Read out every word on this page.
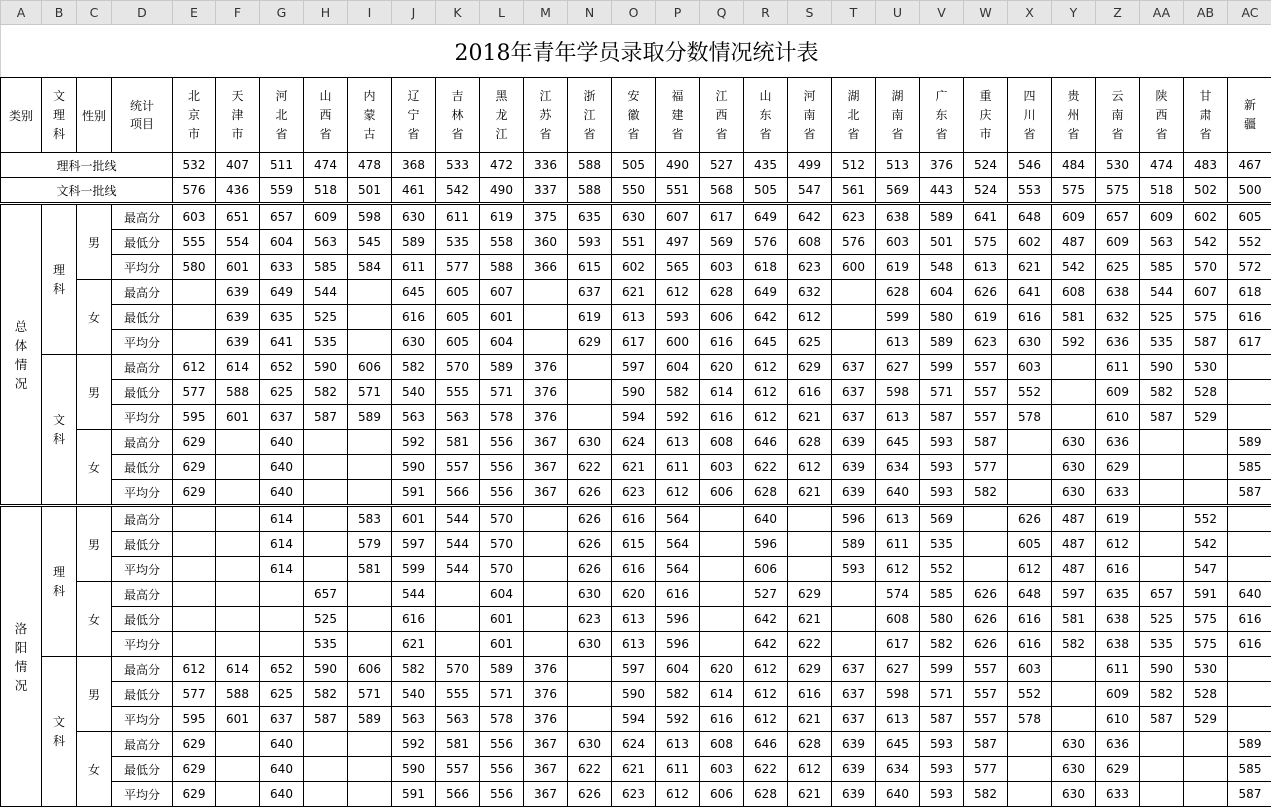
A	B	C	D	E	F	G	H	I	J	K	L	M	N	O	P	Q	R	S	T	U	V	W	X	Y	Z	AA	AB	AC
2018年青年学员录取分数情况统计表																												
类别	文理科	性别	统计项目	北京市	天津市	河北省	山西省	内蒙古	辽宁省	吉林省	黑龙江	江苏省	浙江省	安徽省	福建省	江西省	山东省	河南省	湖北省	湖南省	广东省	重庆市	四川省	贵州省	云南省	陕西省	甘肃省	新疆

理科一批线				532	407	511	474	478	368	533	472	336	588	505	490	527	435	499	512	513	376	524	546	484	530	474	483	467
文科一批线				576	436	559	518	501	461	542	490	337	588	550	551	568	505	547	561	569	443	524	553	575	575	518	502	500

总体情况	理科	男	最高分	603	651	657	609	598	630	611	619	375	635	630	607	617	649	642	623	638	589	641	648	609	657	609	602	605
			最低分	555	554	604	563	545	589	535	558	360	593	551	497	569	576	608	576	603	501	575	602	487	609	563	542	552
			平均分	580	601	633	585	584	611	577	588	366	615	602	565	603	618	623	600	619	548	613	621	542	625	585	570	572
		女	最高分		639	649	544		645	605	607		637	621	612	628	649	632		628	604	626	641	608	638	544	607	618
			最低分		639	635	525		616	605	601		619	613	593	606	642	612		599	580	619	616	581	632	525	575	616
			平均分		639	641	535		630	605	604		629	617	600	616	645	625		613	589	623	630	592	636	535	587	617

	文科	男	最高分	612	614	652	590	606	582	570	589	376		597	604	620	612	629	637	627	599	557	603		611	590	530	
			最低分	577	588	625	582	571	540	555	571	376		590	582	614	612	616	637	598	571	557	552		609	582	528	
			平均分	595	601	637	587	589	563	563	578	376		594	592	616	612	621	637	613	587	557	578		610	587	529	
		女	最高分	629		640			592	581	556	367	630	624	613	608	646	628	639	645	593	587		630	636			589
			最低分	629		640			590	557	556	367	622	621	611	603	622	612	639	634	593	577		630	629			585
			平均分	629		640			591	566	556	367	626	623	612	606	628	621	639	640	593	582		630	633			587

洛阳情况	理科	男	最高分			614		583	601	544	570		626	616	564		640		596	613	569		626	487	619		552	
			最低分			614		579	597	544	570		626	615	564		596		589	611	535		605	487	612		542	
			平均分			614		581	599	544	570		626	616	564		606		593	612	552		612	487	616		547	
		女	最高分				657		544		604		630	620	616		527	629		574	585	626	648	597	635	657	591	640
			最低分				525		616		601		623	613	596		642	621		608	580	626	616	581	638	525	575	616
			平均分				535		621		601		630	613	596		642	622		617	582	626	616	582	638	535	575	616

	文科	男	最高分	612	614	652	590	606	582	570	589	376		597	604	620	612	629	637	627	599	557	603		611	590	530	
			最低分	577	588	625	582	571	540	555	571	376		590	582	614	612	616	637	598	571	557	552		609	582	528	
			平均分	595	601	637	587	589	563	563	578	376		594	592	616	612	621	637	613	587	557	578		610	587	529	
		女	最高分	629		640			592	581	556	367	630	624	613	608	646	628	639	645	593	587		630	636			589
			最低分	629		640			590	557	556	367	622	621	611	603	622	612	639	634	593	577		630	629			585
			平均分	629		640			591	566	556	367	626	623	612	606	628	621	639	640	593	582		630	633			587
